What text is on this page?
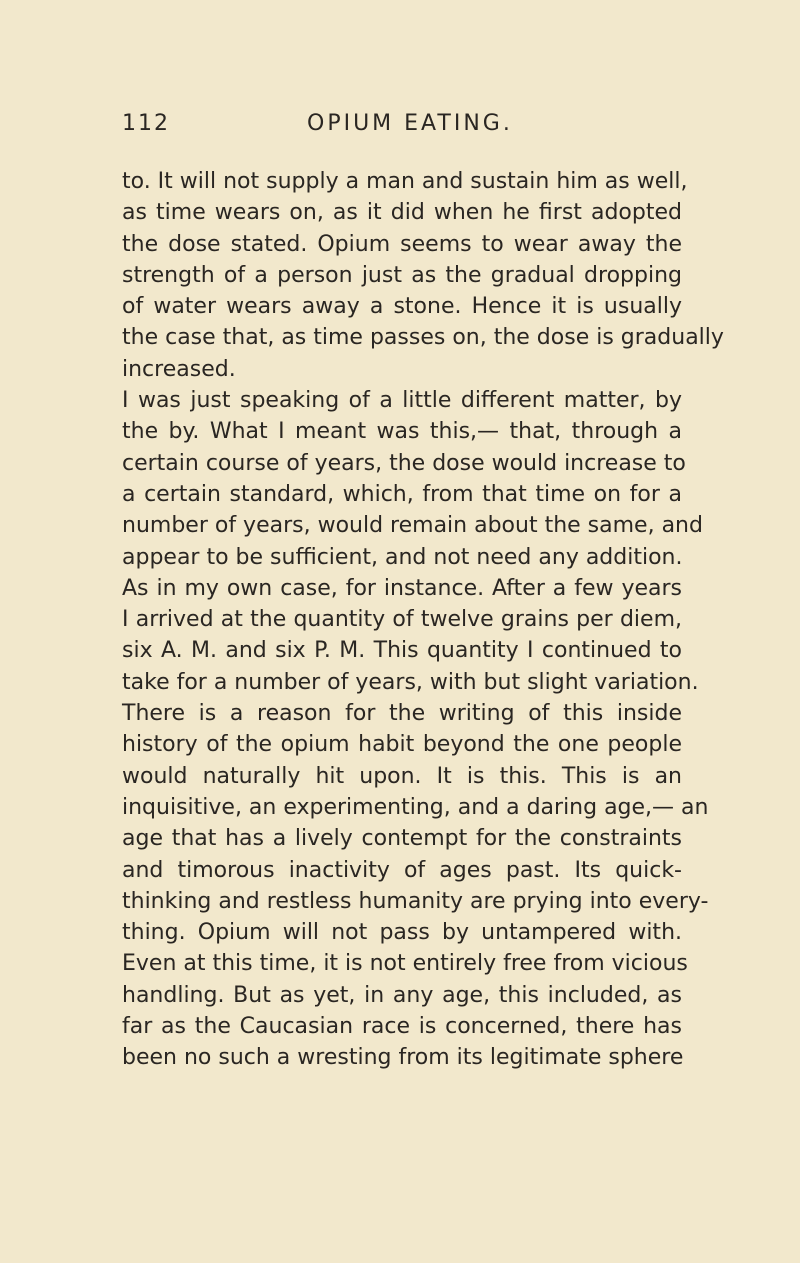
112	OPIUM EATING.
to. It will not supply a man and sustain him as well,
as time wears on, as it did when he first adopted
the dose stated. Opium seems to wear away the
strength of a person just as the gradual dropping
of water wears away a stone. Hence it is usually
the case that, as time passes on, the dose is gradually
increased.
I was just speaking of a little different matter, by
the by. What I meant was this,— that, through a
certain course of years, the dose would increase to
a certain standard, which, from that time on for a
number of years, would remain about the same, and
appear to be sufficient, and not need any addition.
As in my own case, for instance. After a few years
I arrived at the quantity of twelve grains per diem,
six A. M. and six P. M. This quantity I continued to
take for a number of years, with but slight variation.
There is a reason for the writing of this inside
history of the opium habit beyond the one people
would naturally hit upon. It is this. This is an
inquisitive, an experimenting, and a daring age,— an
age that has a lively contempt for the constraints
and timorous inactivity of ages past. Its quick-
thinking and restless humanity are prying into every-
thing. Opium will not pass by untampered with.
Even at this time, it is not entirely free from vicious
handling. But as yet, in any age, this included, as
far as the Caucasian race is concerned, there has
been no such a wresting from its legitimate sphere
